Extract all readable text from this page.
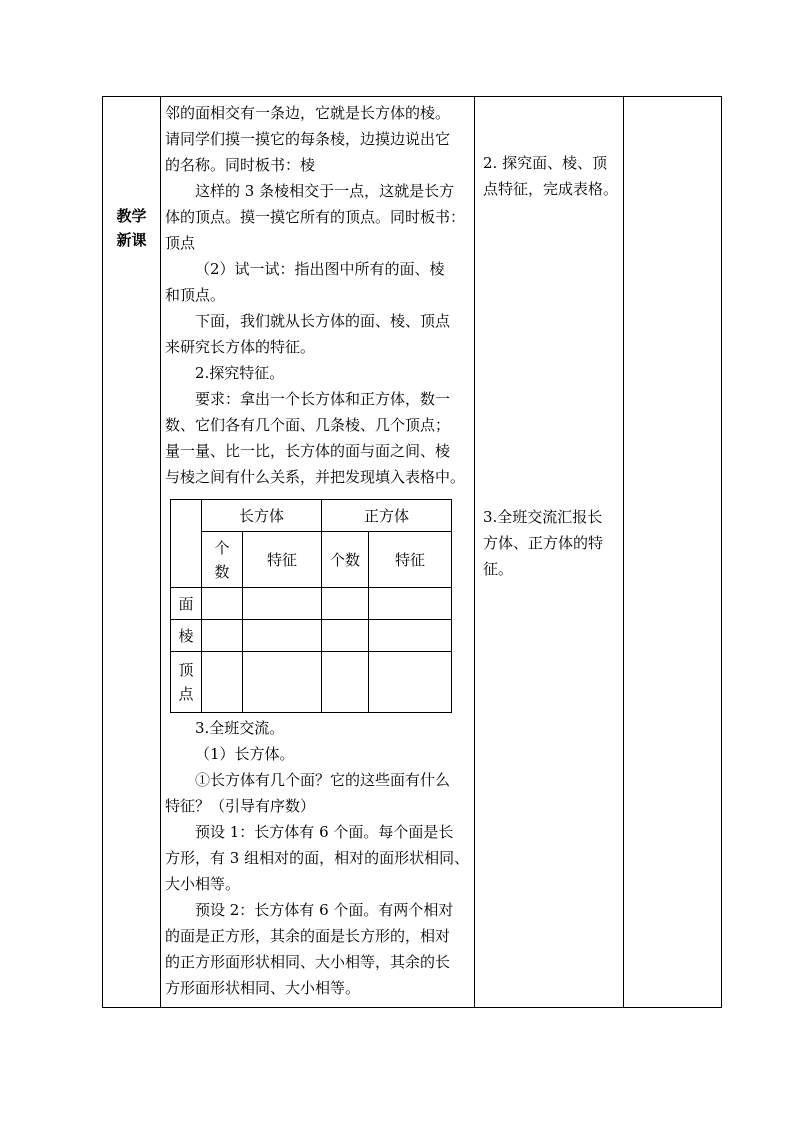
教学
新课
邻的面相交有一条边，它就是长方体的棱。
请同学们摸一摸它的每条棱，边摸边说出它
的名称。同时板书：棱
这样的 3 条棱相交于一点，这就是长方
体的顶点。摸一摸它所有的顶点。同时板书：
顶点
（2）试一试：指出图中所有的面、棱
和顶点。
下面，我们就从长方体的面、棱、顶点
来研究长方体的特征。
2.探究特征。
要求：拿出一个长方体和正方体，数一
数、它们各有几个面、几条棱、几个顶点；
量一量、比一比，长方体的面与面之间、棱
与棱之间有什么关系，并把发现填入表格中。
	长方体		正方体	

	个数	特征	个数	特征
面				
棱				

顶点				

3.全班交流。
（1）长方体。
①长方体有几个面？它的这些面有什么
特征？（引导有序数）
预设 1：长方体有 6 个面。每个面是长
方形，有 3 组相对的面，相对的面形状相同、
大小相等。
预设 2：长方体有 6 个面。有两个相对
的面是正方形，其余的面是长方形的，相对
的正方形面形状相同、大小相等，其余的长
方形面形状相同、大小相等。
2. 探究面、棱、顶
点特征，完成表格。
3.全班交流汇报长
方体、正方体的特
征。
